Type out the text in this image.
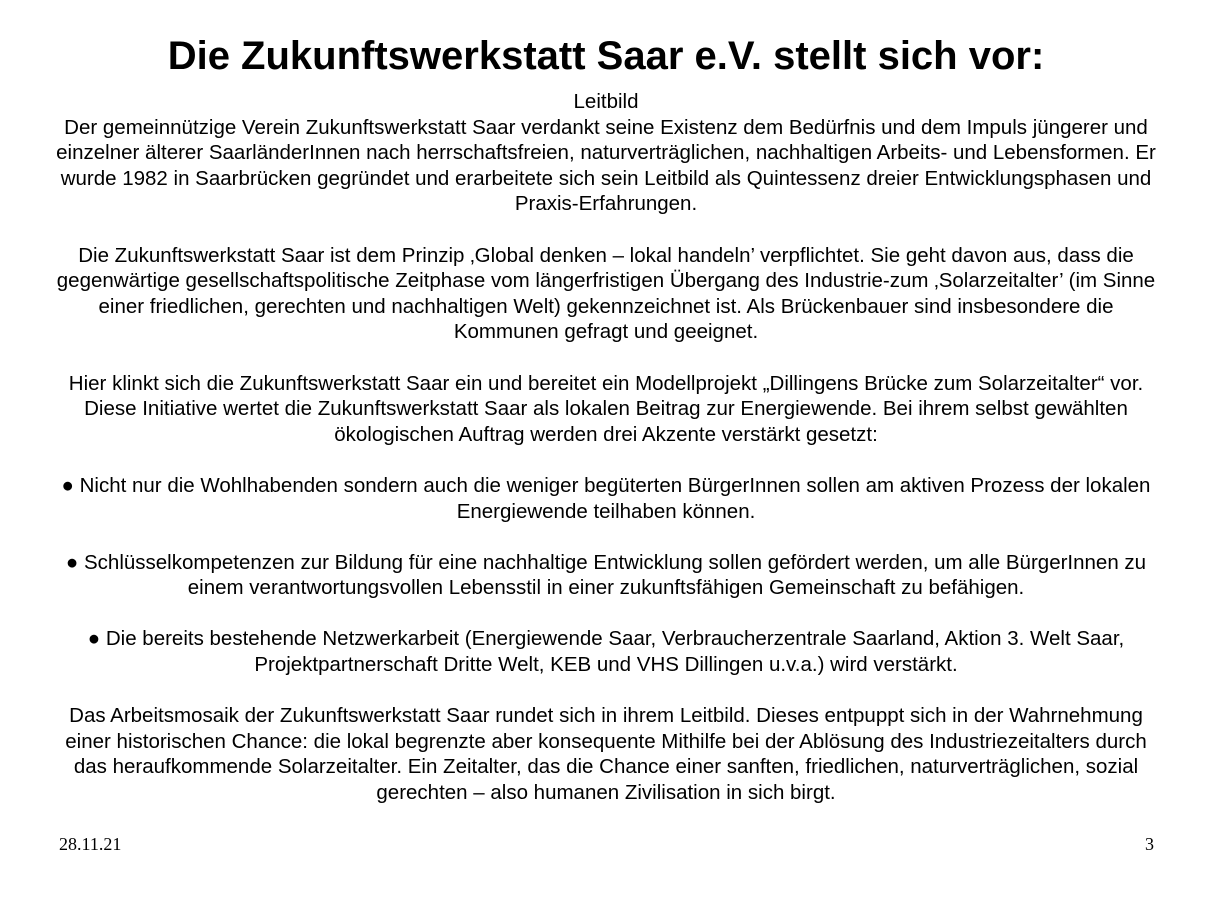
Die Zukunftswerkstatt Saar e.V. stellt sich vor:

Leitbild

Der gemeinnützige Verein Zukunftswerkstatt Saar verdankt seine Existenz dem Bedürfnis und dem Impuls jüngerer und einzelner älterer SaarländerInnen nach herrschaftsfreien, naturverträglichen, nachhaltigen Arbeits- und Lebensformen. Er wurde 1982 in Saarbrücken gegründet und erarbeitete sich sein Leitbild als Quintessenz dreier Entwicklungsphasen und Praxis-Erfahrungen.

Die Zukunftswerkstatt Saar ist dem Prinzip ‚Global denken – lokal handeln’ verpflichtet. Sie geht davon aus, dass die gegenwärtige gesellschaftspolitische Zeitphase vom längerfristigen Übergang des Industrie-zum ‚Solarzeitalter’ (im Sinne einer friedlichen, gerechten und nachhaltigen Welt) gekennzeichnet ist. Als Brückenbauer sind insbesondere die Kommunen gefragt und geeignet.

Hier klinkt sich die Zukunftswerkstatt Saar ein und bereitet ein Modellprojekt „Dillingens Brücke zum Solarzeitalter“ vor. Diese Initiative wertet die Zukunftswerkstatt Saar als lokalen Beitrag zur Energiewende. Bei ihrem selbst gewählten ökologischen Auftrag werden drei Akzente verstärkt gesetzt:

● Nicht nur die Wohlhabenden sondern auch die weniger begüterten BürgerInnen sollen am aktiven Prozess der lokalen Energiewende teilhaben können.

● Schlüsselkompetenzen zur Bildung für eine nachhaltige Entwicklung sollen gefördert werden, um alle BürgerInnen zu einem verantwortungsvollen Lebensstil in einer zukunftsfähigen Gemeinschaft zu befähigen.

● Die bereits bestehende Netzwerkarbeit (Energiewende Saar, Verbraucherzentrale Saarland, Aktion 3. Welt Saar, Projektpartnerschaft Dritte Welt, KEB und VHS Dillingen u.v.a.) wird verstärkt.

Das Arbeitsmosaik der Zukunftswerkstatt Saar rundet sich in ihrem Leitbild. Dieses entpuppt sich in der Wahrnehmung einer historischen Chance: die lokal begrenzte aber konsequente Mithilfe bei der Ablösung des Industriezeitalters durch das heraufkommende Solarzeitalter. Ein Zeitalter, das die Chance einer sanften, friedlichen, naturverträglichen, sozial gerechten – also humanen Zivilisation in sich birgt.

28.11.21	3
